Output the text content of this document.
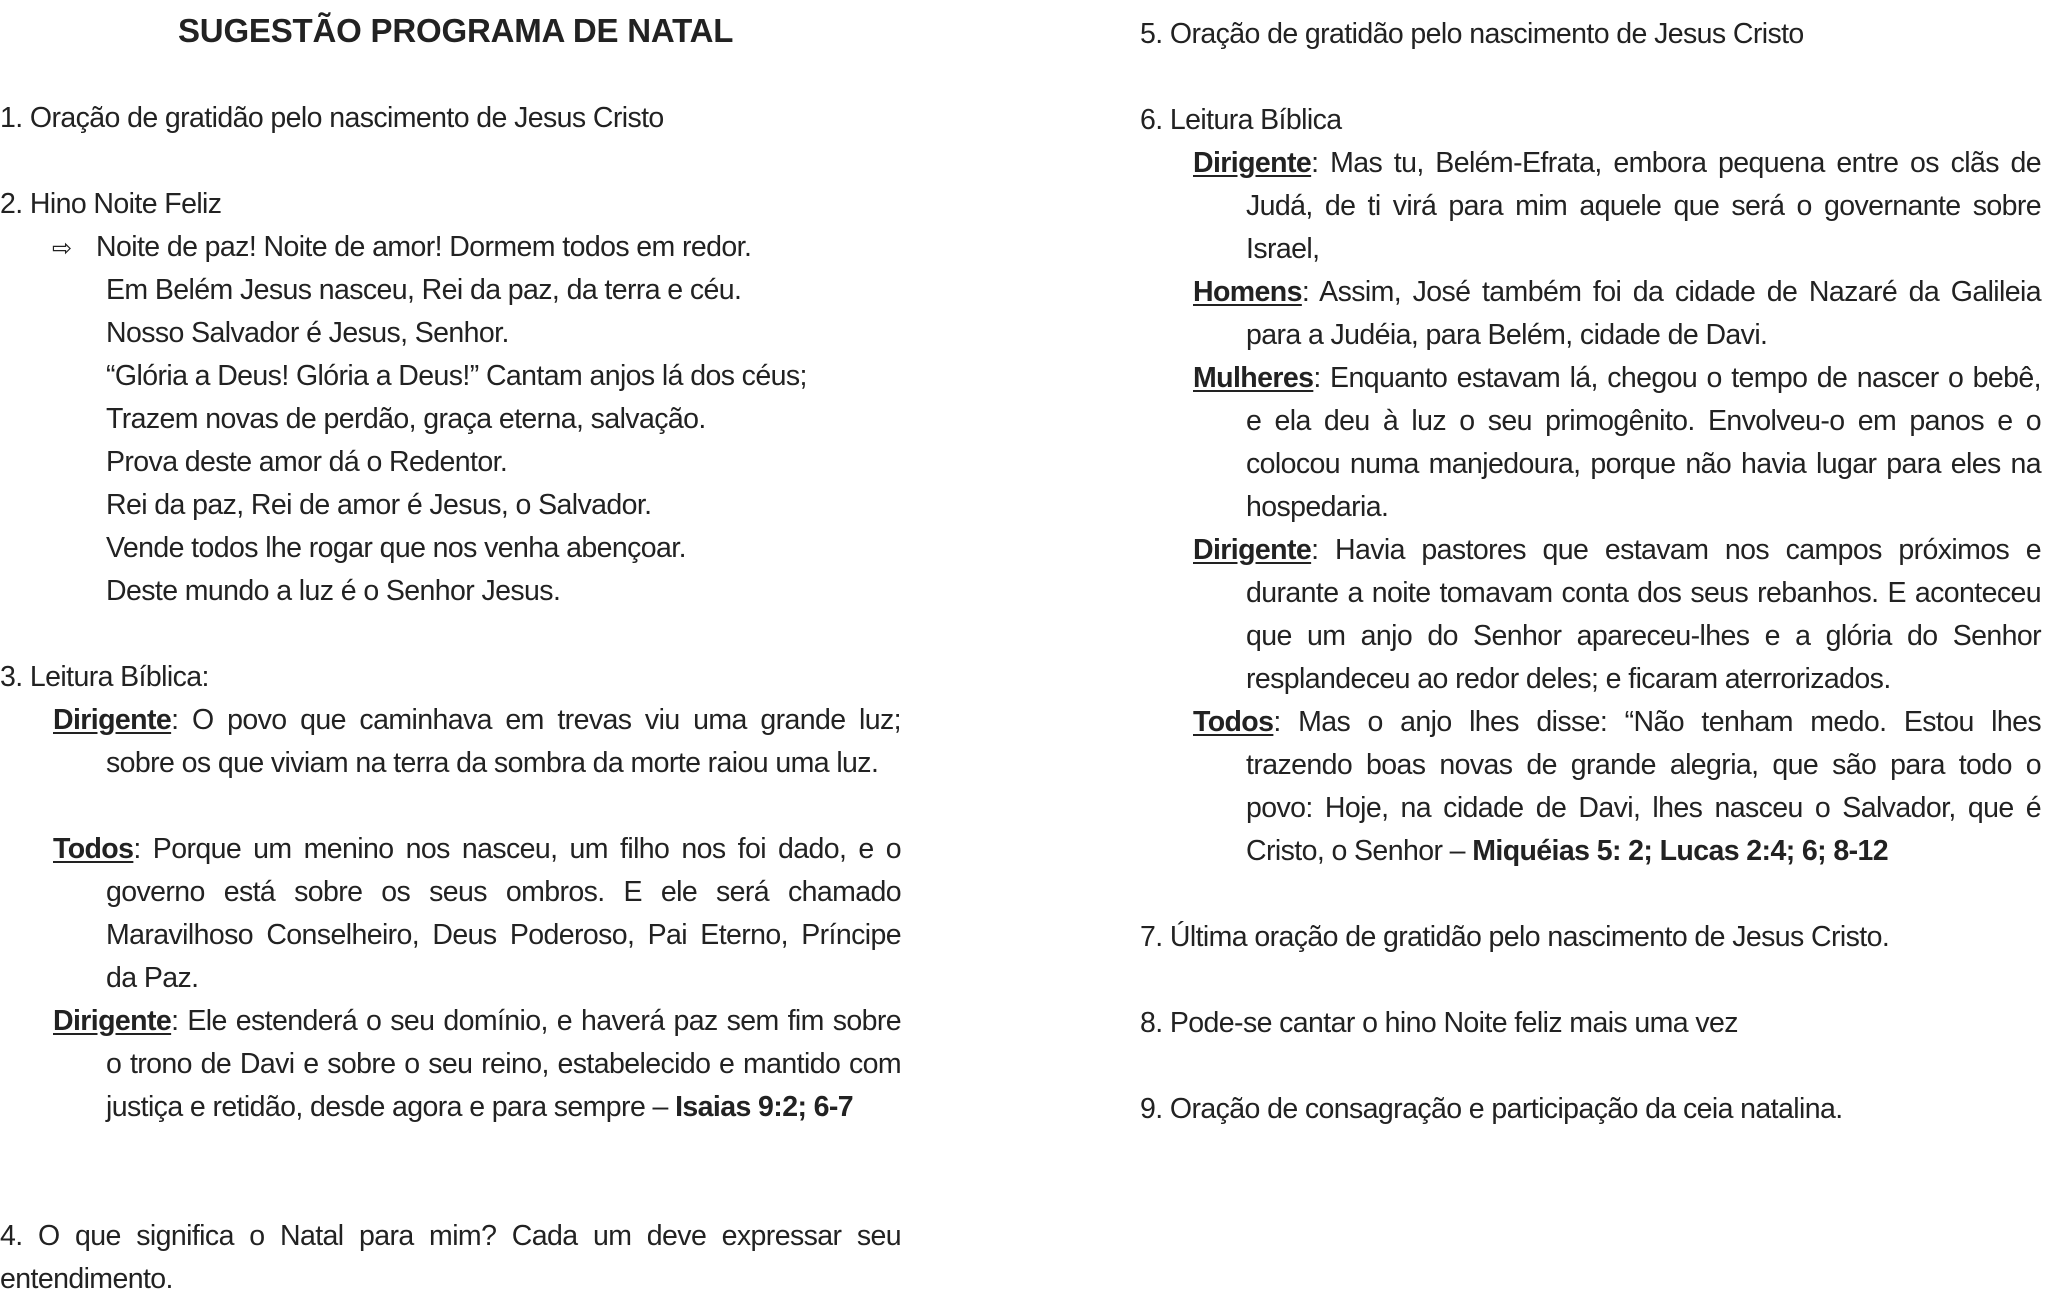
SUGESTÃO PROGRAMA DE NATAL
1. Oração de gratidão pelo nascimento de Jesus Cristo
2. Hino Noite Feliz
⇨ Noite de paz! Noite de amor! Dormem todos em redor.
Em Belém Jesus nasceu, Rei da paz, da terra e céu.
Nosso Salvador é Jesus, Senhor.
“Glória a Deus! Glória a Deus!” Cantam anjos lá dos céus;
Trazem novas de perdão, graça eterna, salvação.
Prova deste amor dá o Redentor.
Rei da paz, Rei de amor é Jesus, o Salvador.
Vende todos lhe rogar que nos venha abençoar.
Deste mundo a luz é o Senhor Jesus.
3. Leitura Bíblica:
Dirigente: O povo que caminhava em trevas viu uma grande luz; sobre os que viviam na terra da sombra da morte raiou uma luz.
Todos: Porque um menino nos nasceu, um filho nos foi dado, e o governo está sobre os seus ombros. E ele será chamado Maravilhoso Conselheiro, Deus Poderoso, Pai Eterno, Príncipe da Paz.
Dirigente: Ele estenderá o seu domínio, e haverá paz sem fim sobre o trono de Davi e sobre o seu reino, estabelecido e mantido com justiça e retidão, desde agora e para sempre – Isaias 9:2; 6-7
4. O que significa o Natal para mim? Cada um deve expressar seu entendimento.
5. Oração de gratidão pelo nascimento de Jesus Cristo
6. Leitura Bíblica
Dirigente: Mas tu, Belém-Efrata, embora pequena entre os clãs de Judá, de ti virá para mim aquele que será o governante sobre Israel,
Homens: Assim, José também foi da cidade de Nazaré da Galileia para a Judéia, para Belém, cidade de Davi.
Mulheres: Enquanto estavam lá, chegou o tempo de nascer o bebê, e ela deu à luz o seu primogênito. Envolveu-o em panos e o colocou numa manjedoura, porque não havia lugar para eles na hospedaria.
Dirigente: Havia pastores que estavam nos campos próximos e durante a noite tomavam conta dos seus rebanhos. E aconteceu que um anjo do Senhor apareceu-lhes e a glória do Senhor resplandeceu ao redor deles; e ficaram aterrorizados.
Todos: Mas o anjo lhes disse: “Não tenham medo. Estou lhes trazendo boas novas de grande alegria, que são para todo o povo: Hoje, na cidade de Davi, lhes nasceu o Salvador, que é Cristo, o Senhor – Miquéias 5: 2; Lucas 2:4; 6; 8-12
7. Última oração de gratidão pelo nascimento de Jesus Cristo.
8. Pode-se cantar o hino Noite feliz mais uma vez
9. Oração de consagração e participação da ceia natalina.
